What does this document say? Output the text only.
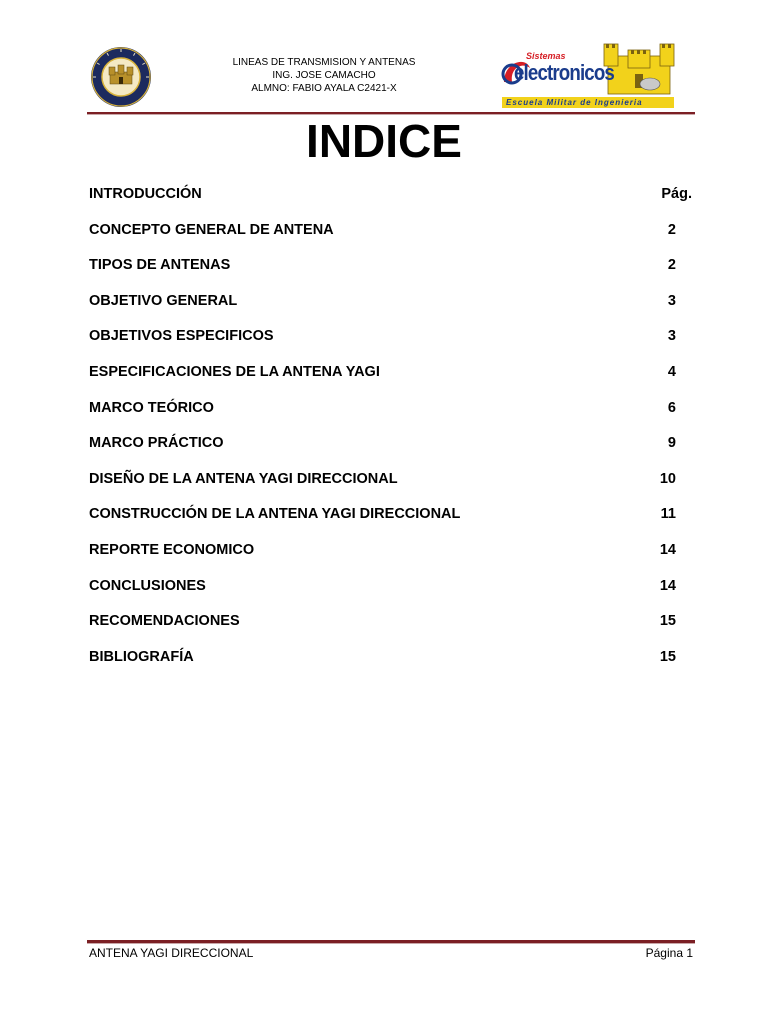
LINEAS DE TRANSMISION Y ANTENAS
ING. JOSE CAMACHO
ALMNO: FABIO AYALA C2421-X
Sistemas
electronicos
Escuela Militar de Ingenieria
INDICE
INTRODUCCIÓN	Pág.
CONCEPTO GENERAL DE ANTENA	2
TIPOS DE ANTENAS	2
OBJETIVO GENERAL	3
OBJETIVOS ESPECIFICOS	3
ESPECIFICACIONES DE LA ANTENA YAGI	4
MARCO TEÓRICO	6
MARCO PRÁCTICO	9
DISEÑO DE LA ANTENA YAGI DIRECCIONAL	10
CONSTRUCCIÓN DE LA ANTENA YAGI DIRECCIONAL	11
REPORTE ECONOMICO	14
CONCLUSIONES	14
RECOMENDACIONES	15
BIBLIOGRAFÍA	15
ANTENA YAGI DIRECCIONAL	Página 1
